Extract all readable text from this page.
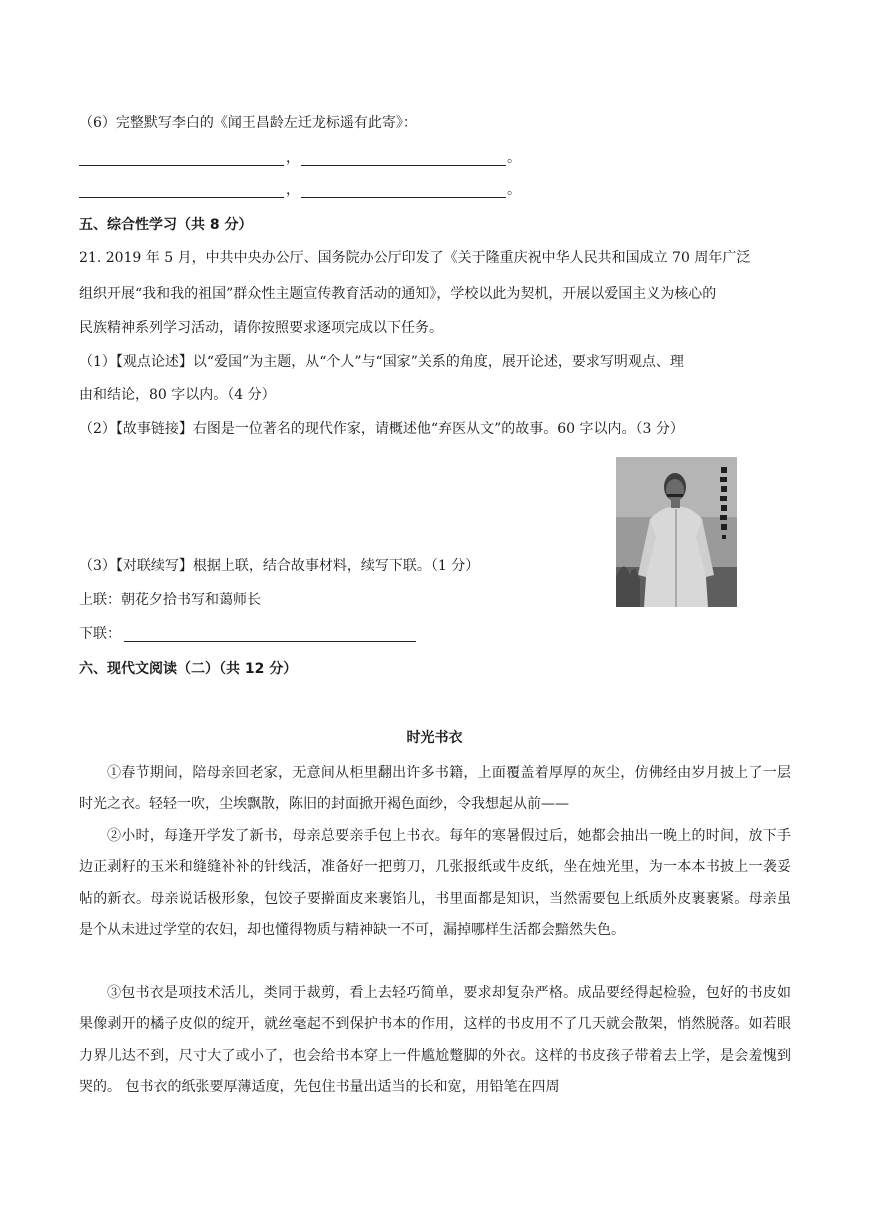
（6）完整默写李白的《闻王昌龄左迁龙标遥有此寄》：
，	。
，	。
五、综合性学习（共 8 分）
21. 2019 年 5 月，中共中央办公厅、国务院办公厅印发了《关于隆重庆祝中华人民共和国成立 70 周年广泛
组织开展“我和我的祖国”群众性主题宣传教育活动的通知》，学校以此为契机，开展以爱国主义为核心的
民族精神系列学习活动，请你按照要求逐项完成以下任务。
（1）【观点论述】以“爱国”为主题，从“个人”与“国家”关系的角度，展开论述，要求写明观点、理
由和结论，80 字以内。（4 分）
（2）【故事链接】右图是一位著名的现代作家，请概述他“弃医从文”的故事。60 字以内。（3 分）
（3）【对联续写】根据上联，结合故事材料，续写下联。（1 分）
上联：朝花夕拾书写和蔼师长
下联：
六、现代文阅读（二）（共 12 分）
时光书衣
①春节期间，陪母亲回老家，无意间从柜里翻出许多书籍，上面覆盖着厚厚的灰尘，仿佛经由岁月披上了一层时光之衣。轻轻一吹，尘埃飘散，陈旧的封面掀开褐色面纱，令我想起从前——
②小时，每逢开学发了新书，母亲总要亲手包上书衣。每年的寒暑假过后，她都会抽出一晚上的时间，放下手边正剥籽的玉米和缝缝补补的针线活，准备好一把剪刀，几张报纸或牛皮纸，坐在烛光里，为一本本书披上一袭妥帖的新衣。母亲说话极形象，包饺子要擀面皮来裹馅儿，书里面都是知识，当然需要包上纸质外皮裹裹紧。母亲虽是个从未进过学堂的农妇，却也懂得物质与精神缺一不可，漏掉哪样生活都会黯然失色。
③包书衣是项技术活儿，类同于裁剪，看上去轻巧简单，要求却复杂严格。成品要经得起检验，包好的书皮如果像剥开的橘子皮似的绽开，就丝毫起不到保护书本的作用，这样的书皮用不了几天就会散架，悄然脱落。如若眼力界儿达不到，尺寸大了或小了，也会给书本穿上一件尴尬蹩脚的外衣。这样的书皮孩子带着去上学，是会羞愧到哭的。 包书衣的纸张要厚薄适度，先包住书量出适当的长和宽，用铅笔在四周
